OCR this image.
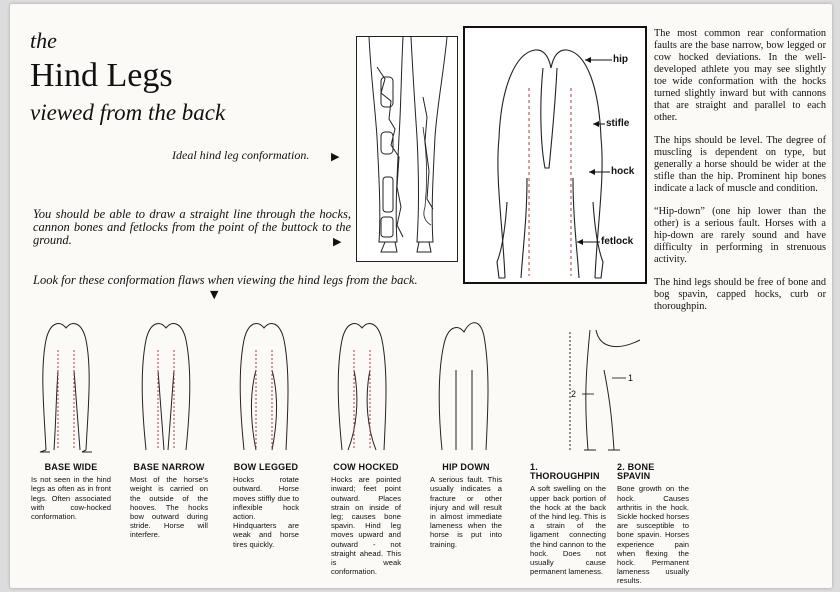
the
Hind Legs
viewed from the back
Ideal hind leg conformation. ▶
You should be able to draw a straight line through the hocks, cannon bones and fetlocks from the point of the buttock to the ground.	▶
Look for these conformation flaws when viewing the hind legs from the back.
▼
hip
stifle
hock
fetlock

The most common rear conformation faults are the base narrow, bow legged or cow hocked deviations. In the well-developed athlete you may see slightly toe wide conformation with the hocks turned slightly inward but with cannons that are straight and parallel to each other.

The hips should be level. The degree of muscling is dependent on type, but generally a horse should be wider at the stifle than the hip. Prominent hip bones indicate a lack of muscle and condition.

“Hip-down” (one hip lower than the other) is a serious fault. Horses with a hip-down are rarely sound and have difficulty in performing in strenuous activity.

The hind legs should be free of bone and bog spavin, capped hocks, curb or thoroughpin.

1
2
BASE WIDE
Is not seen in the hind legs as often as in front legs. Often associated with cow-hocked conformation.
BASE NARROW
Most of the horse's weight is carried on the outside of the hooves. The hocks bow outward during stride. Horse will interfere.
BOW LEGGED
Hocks rotate outward. Horse moves stiffly due to inflexible hock action. Hindquarters are weak and horse tires quickly.
COW HOCKED
Hocks are pointed inward; feet point outward. Places strain on inside of leg; causes bone spavin. Hind leg moves upward and outward - not straight ahead. This is weak conformation.
HIP DOWN
A serious fault. This usually indicates a fracture or other injury and will result in almost immediate lameness when the horse is put into training.
1. THOROUGHPIN
A soft swelling on the upper back portion of the hock at the back of the hind leg. This is a strain of the ligament connecting the hind cannon to the hock. Does not usually cause permanent lameness.
2. BONE SPAVIN
Bone growth on the hock. Causes arthritis in the hock. Sickle hocked horses are susceptible to bone spavin. Horses experience pain when flexing the hock. Permanent lameness usually results.
